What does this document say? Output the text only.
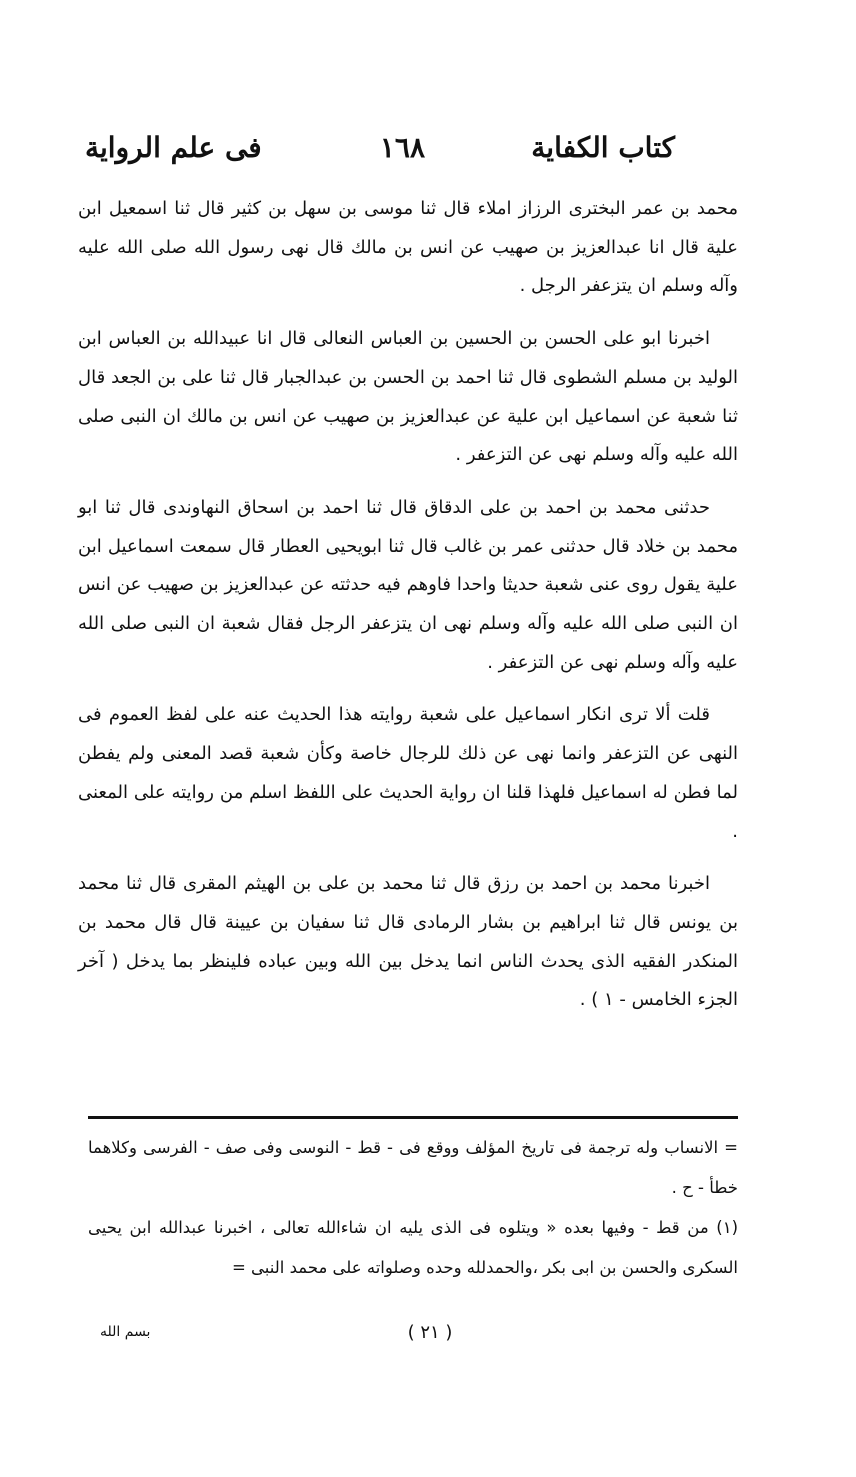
كتاب الكفاية
١٦٨
فى علم الرواية

محمد بن عمر البخترى الرزاز املاء قال ثنا موسى بن سهل بن كثير قال ثنا اسمعيل ابن علية قال انا عبدالعزيز بن صهيب عن انس بن مالك قال نهى رسول الله صلى الله عليه وآله وسلم ان يتزعفر الرجل .

اخبرنا ابو على الحسن بن الحسين بن العباس النعالى قال انا عبيدالله بن العباس ابن الوليد بن مسلم الشطوى قال ثنا احمد بن الحسن بن عبدالجبار قال ثنا على بن الجعد قال ثنا شعبة عن اسماعيل ابن علية عن عبدالعزيز بن صهيب عن انس بن مالك ان النبى صلى الله عليه وآله وسلم نهى عن التزعفر .

حدثنى محمد بن احمد بن على الدقاق قال ثنا احمد بن اسحاق النهاوندى قال ثنا ابو محمد بن خلاد قال حدثنى عمر بن غالب قال ثنا ابويحيى العطار قال سمعت اسماعيل ابن علية يقول روى عنى شعبة حديثا واحدا فاوهم فيه حدثته عن عبدالعزيز بن صهيب عن انس ان النبى صلى الله عليه وآله وسلم نهى ان يتزعفر الرجل فقال شعبة ان النبى صلى الله عليه وآله وسلم نهى عن التزعفر .

قلت ألا ترى انكار اسماعيل على شعبة روايته هذا الحديث عنه على لفظ العموم فى النهى عن التزعفر وانما نهى عن ذلك للرجال خاصة وكأن شعبة قصد المعنى ولم يفطن لما فطن له اسماعيل فلهذا قلنا ان رواية الحديث على اللفظ اسلم من روايته على المعنى .

اخبرنا محمد بن احمد بن رزق قال ثنا محمد بن على بن الهيثم المقرى قال ثنا محمد بن يونس قال ثنا ابراهيم بن بشار الرمادى قال ثنا سفيان بن عيينة قال قال محمد بن المنكدر الفقيه الذى يحدث الناس انما يدخل بين الله وبين عباده فلينظر بما يدخل ( آخر الجزء الخامس - ١ ) .

= الانساب وله ترجمة فى تاريخ المؤلف ووقع فى - قط - النوسى وفى صف - الفرسى وكلاهما خطأ - ح .

(١) من قط - وفيها بعده « ويتلوه فى الذى يليه ان شاءالله تعالى ، اخبرنا عبدالله ابن يحيى السكرى والحسن بن ابى بكر ،والحمدلله وحده وصلواته على محمد النبى =

( ٢١ )
بسم الله
